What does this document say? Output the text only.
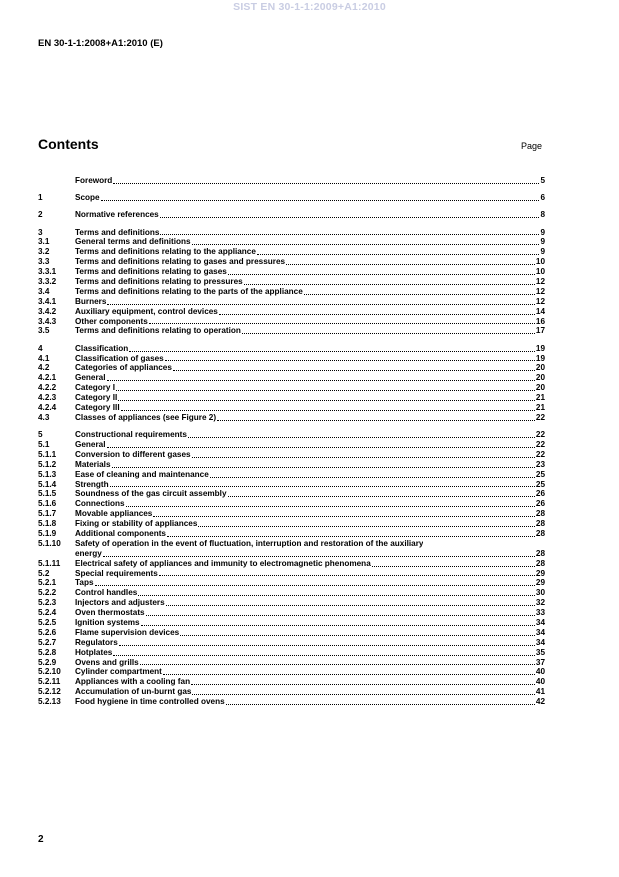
SIST EN 30-1-1:2009+A1:2010
EN 30-1-1:2008+A1:2010 (E)
Contents	Page
Foreword	5
1	Scope	6
2	Normative references	8
3	Terms and definitions	9
3.1	General terms and definitions	9
3.2	Terms and definitions relating to the appliance	9
3.3	Terms and definitions relating to gases and pressures	10
3.3.1	Terms and definitions relating to gases	10
3.3.2	Terms and definitions relating to pressures	12
3.4	Terms and definitions relating to the parts of the appliance	12
3.4.1	Burners	12
3.4.2	Auxiliary equipment, control devices	14
3.4.3	Other components	16
3.5	Terms and definitions relating to operation	17
4	Classification	19
4.1	Classification of gases	19
4.2	Categories of appliances	20
4.2.1	General	20
4.2.2	Category I	20
4.2.3	Category II	21
4.2.4	Category III	21
4.3	Classes of appliances (see Figure 2)	22
5	Constructional requirements	22
5.1	General	22
5.1.1	Conversion to different gases	22
5.1.2	Materials	23
5.1.3	Ease of cleaning and maintenance	25
5.1.4	Strength	25
5.1.5	Soundness of the gas circuit assembly	26
5.1.6	Connections	26
5.1.7	Movable appliances	28
5.1.8	Fixing or stability of appliances	28
5.1.9	Additional components	28
5.1.10	Safety of operation in the event of fluctuation, interruption and restoration of the auxiliary
energy	28
5.1.11	Electrical safety of appliances and immunity to electromagnetic phenomena	28
5.2	Special requirements	29
5.2.1	Taps	29
5.2.2	Control handles	30
5.2.3	Injectors and adjusters	32
5.2.4	Oven thermostats	33
5.2.5	Ignition systems	34
5.2.6	Flame supervision devices	34
5.2.7	Regulators	34
5.2.8	Hotplates	35
5.2.9	Ovens and grills	37
5.2.10	Cylinder compartment	40
5.2.11	Appliances with a cooling fan	40
5.2.12	Accumulation of un-burnt gas	41
5.2.13	Food hygiene in time controlled ovens	42
2
